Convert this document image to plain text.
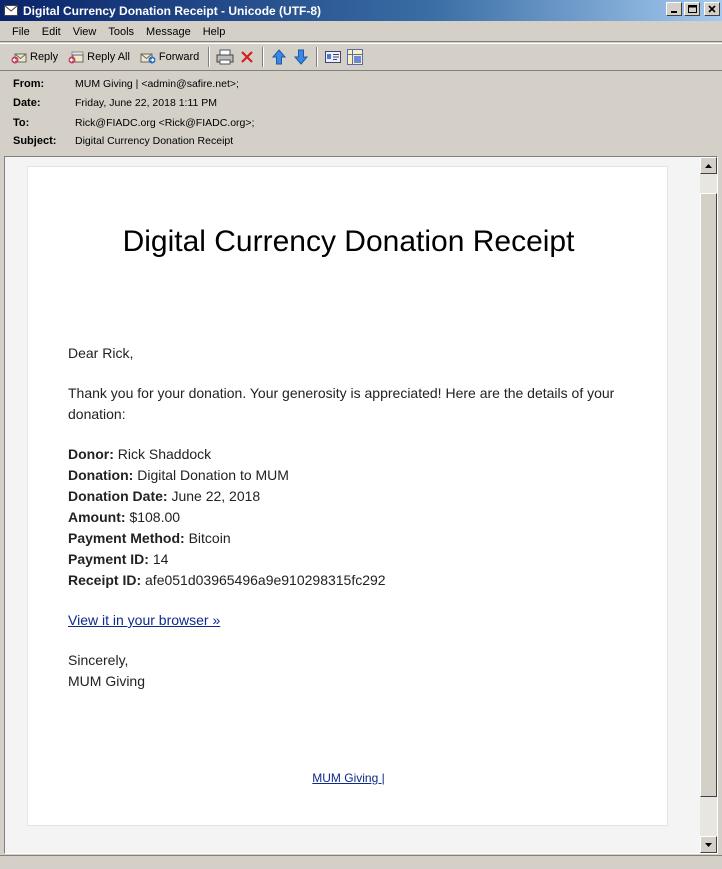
Digital Currency Donation Receipt - Unicode (UTF-8)
File	Edit	View	Tools	Message	Help
Reply	Reply All	Forward
From:	MUM Giving | <admin@safire.net>;
Date:	Friday, June 22, 2018 1:11 PM
To:	Rick@FIADC.org <Rick@FIADC.org>;
Subject:	Digital Currency Donation Receipt
Digital Currency Donation Receipt

Dear Rick,

Thank you for your donation. Your generosity is appreciated! Here are the details of your donation:

Donor: Rick Shaddock

Donation: Digital Donation to MUM

Donation Date: June 22, 2018

Amount: $108.00

Payment Method: Bitcoin

Payment ID: 14

Receipt ID: afe051d03965496a9e910298315fc292

View it in your browser »

Sincerely,

MUM Giving

MUM Giving |
